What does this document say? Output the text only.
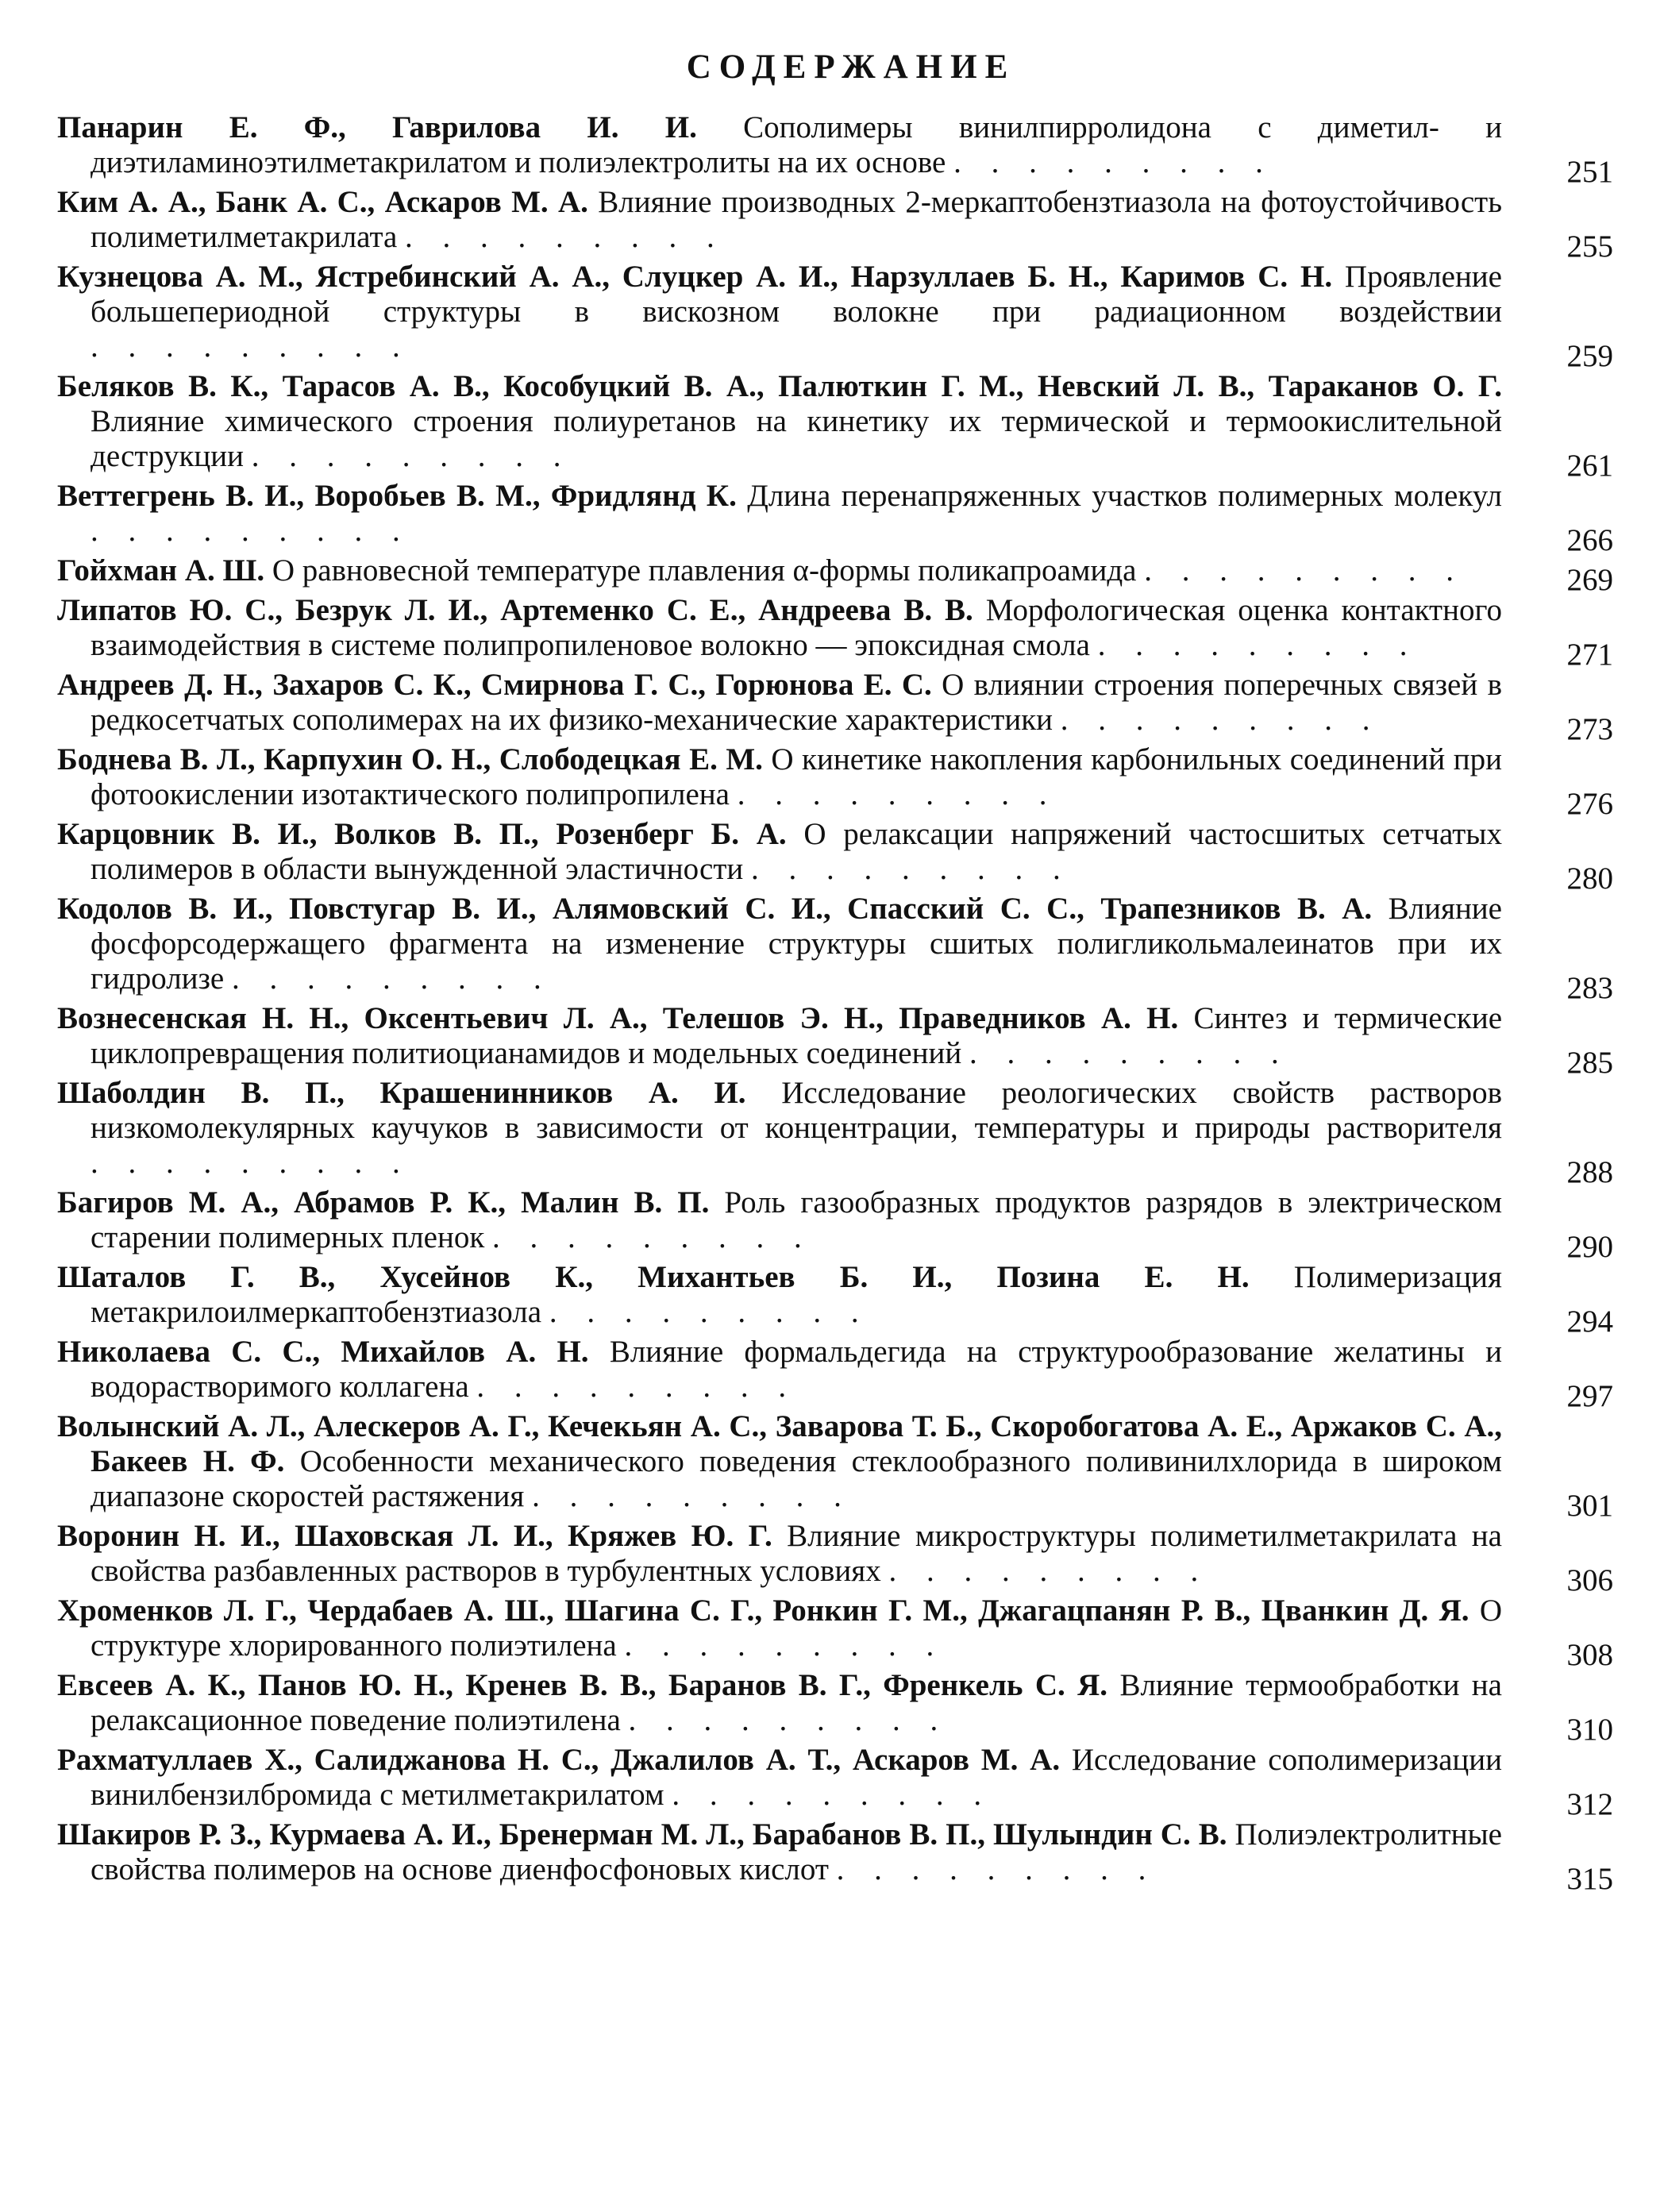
СОДЕРЖАНИЕ

Панарин Е. Ф., Гаврилова И. И. Сополимеры винилпирролидона с диметил- и диэтиламиноэтилметакрилатом и полиэлектролиты на их основе . . . . . . . . .	251

Ким А. А., Банк А. С., Аскаров М. А. Влияние производных 2-меркаптобензтиазола на фотоустойчивость полиметилметакрилата . . . . . . . . .	255

Кузнецова А. М., Ястребинский А. А., Слуцкер А. И., Нарзуллаев Б. Н., Каримов С. Н. Проявление большепериодной структуры в вискозном волокне при радиационном воздействии . . . . . . . . .	259

Беляков В. К., Тарасов А. В., Кособуцкий В. А., Палюткин Г. М., Невский Л. В., Тараканов О. Г. Влияние химического строения полиуретанов на кинетику их термической и термоокислительной деструкции . . . . . . . . .	261

Веттегрень В. И., Воробьев В. М., Фридлянд К. Длина перенапряженных участков полимерных молекул . . . . . . . . .	266

Гойхман А. Ш. О равновесной температуре плавления α-формы поликапроамида . . . . . . . . .	269

Липатов Ю. С., Безрук Л. И., Артеменко С. Е., Андреева В. В. Морфологическая оценка контактного взаимодействия в системе полипропиленовое волокно — эпоксидная смола . . . . . . . . .	271

Андреев Д. Н., Захаров С. К., Смирнова Г. С., Горюнова Е. С. О влиянии строения поперечных связей в редкосетчатых сополимерах на их физико-механические характеристики . . . . . . . . .	273

Боднева В. Л., Карпухин О. Н., Слободецкая Е. М. О кинетике накопления карбонильных соединений при фотоокислении изотактического полипропилена . . . . . . . . .	276

Карцовник В. И., Волков В. П., Розенберг Б. А. О релаксации напряжений частосшитых сетчатых полимеров в области вынужденной эластичности . . . . . . . . .	280

Кодолов В. И., Повстугар В. И., Алямовский С. И., Спасский С. С., Трапезников В. А. Влияние фосфорсодержащего фрагмента на изменение структуры сшитых полигликольмалеинатов при их гидролизе . . . . . . . . .	283

Вознесенская Н. Н., Оксентьевич Л. А., Телешов Э. Н., Праведников А. Н. Синтез и термические циклопревращения политиоцианамидов и модельных соединений . . . . . . . . .	285

Шаболдин В. П., Крашенинников А. И. Исследование реологических свойств растворов низкомолекулярных каучуков в зависимости от концентрации, температуры и природы растворителя . . . . . . . . .	288

Багиров М. А., Абрамов Р. К., Малин В. П. Роль газообразных продуктов разрядов в электрическом старении полимерных пленок . . . . . . . . .	290

Шаталов Г. В., Хусейнов К., Михантьев Б. И., Позина Е. Н. Полимеризация метакрилоилмеркаптобензтиазола . . . . . . . . .	294

Николаева С. С., Михайлов А. Н. Влияние формальдегида на структурообразование желатины и водорастворимого коллагена . . . . . . . . .	297

Волынский А. Л., Алескеров А. Г., Кечекьян А. С., Заварова Т. Б., Скоробогатова А. Е., Аржаков С. А., Бакеев Н. Ф. Особенности механического поведения стеклообразного поливинилхлорида в широком диапазоне скоростей растяжения . . . . . . . . .	301

Воронин Н. И., Шаховская Л. И., Кряжев Ю. Г. Влияние микроструктуры полиметилметакрилата на свойства разбавленных растворов в турбулентных условиях . . . . . . . . .	306

Хроменков Л. Г., Чердабаев А. Ш., Шагина С. Г., Ронкин Г. М., Джагацпанян Р. В., Цванкин Д. Я. О структуре хлорированного полиэтилена . . . . . . . . .	308

Евсеев А. К., Панов Ю. Н., Кренев В. В., Баранов В. Г., Френкель С. Я. Влияние термообработки на релаксационное поведение полиэтилена . . . . . . . . .	310

Рахматуллаев Х., Салиджанова Н. С., Джалилов А. Т., Аскаров М. А. Исследование сополимеризации винилбензилбромида с метилметакрилатом . . . . . . . . .	312

Шакиров Р. З., Курмаева А. И., Бренерман М. Л., Барабанов В. П., Шулындин С. В. Полиэлектролитные свойства полимеров на основе диенфосфоновых кислот . . . . . . . . .	315
